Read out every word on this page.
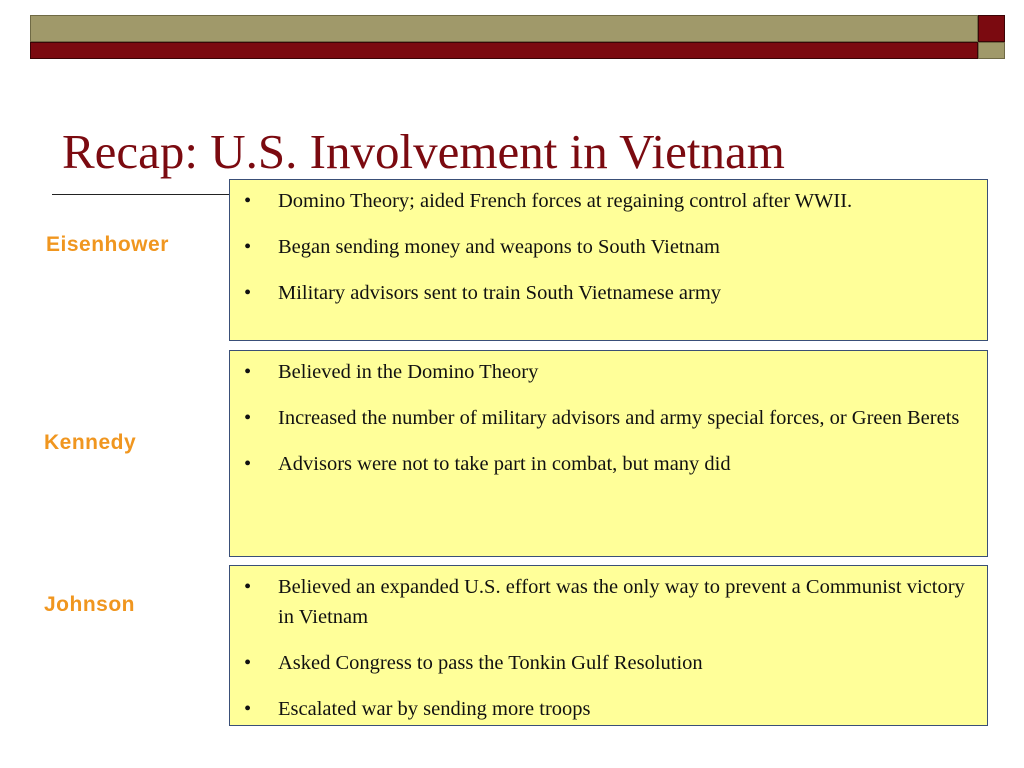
Recap: U.S. Involvement in Vietnam
Eisenhower
• Domino Theory; aided French forces at regaining control after WWII.
• Began sending money and weapons to South Vietnam
• Military advisors sent to train South Vietnamese army
Kennedy
• Believed in the Domino Theory
• Increased the number of military advisors and army special forces, or Green Berets
• Advisors were not to take part in combat, but many did
Johnson
• Believed an expanded U.S. effort was the only way to prevent a Communist victory in Vietnam
• Asked Congress to pass the Tonkin Gulf Resolution
• Escalated war by sending more troops
